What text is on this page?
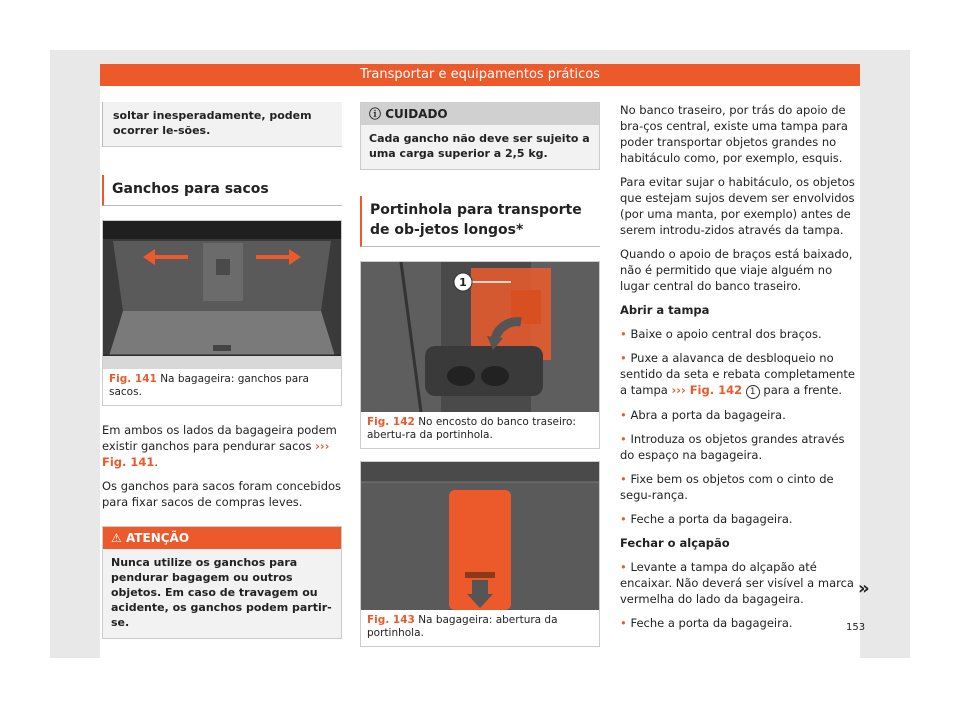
Transportar e equipamentos práticos
soltar inesperadamente, podem ocorrer le-sões.
Ganchos para sacos
Fig. 141 Na bagageira: ganchos para sacos.

Em ambos os lados da bagageira podem existir ganchos para pendurar sacos ››› Fig. 141.

Os ganchos para sacos foram concebidos para fixar sacos de compras leves.

⚠ ATENÇÃO
Nunca utilize os ganchos para pendurar bagagem ou outros objetos. Em caso de travagem ou acidente, os ganchos podem partir-se.
ⓘ CUIDADO
Cada gancho não deve ser sujeito a uma carga superior a 2,5 kg.
Portinhola para transporte de ob-jetos longos*
1
Fig. 142 No encosto do banco traseiro: abertu-ra da portinhola.
Fig. 143 Na bagageira: abertura da portinhola.

No banco traseiro, por trás do apoio de bra-ços central, existe uma tampa para poder transportar objetos grandes no habitáculo como, por exemplo, esquis.

Para evitar sujar o habitáculo, os objetos que estejam sujos devem ser envolvidos (por uma manta, por exemplo) antes de serem introdu-zidos através da tampa.

Quando o apoio de braços está baixado, não é permitido que viaje alguém no lugar central do banco traseiro.

Abrir a tampa

• Baixe o apoio central dos braços.

• Puxe a alavanca de desbloqueio no sentido da seta e rebata completamente a tampa ››› Fig. 142 1 para a frente.

• Abra a porta da bagageira.

• Introduza os objetos grandes através do espaço na bagageira.

• Fixe bem os objetos com o cinto de segu-rança.

• Feche a porta da bagageira.

Fechar o alçapão

• Levante a tampa do alçapão até encaixar. Não deverá ser visível a marca vermelha do lado da bagageira.

• Feche a porta da bagageira.

»
153
